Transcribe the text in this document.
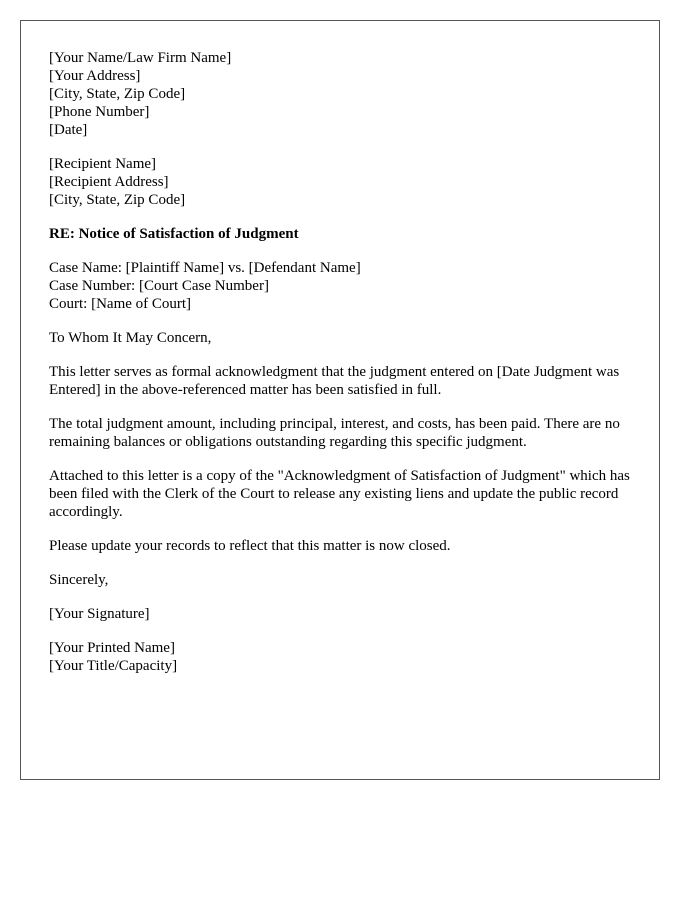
[Your Name/Law Firm Name]
[Your Address]
[City, State, Zip Code]
[Phone Number]
[Date]
[Recipient Name]
[Recipient Address]
[City, State, Zip Code]

RE: Notice of Satisfaction of Judgment

Case Name: [Plaintiff Name] vs. [Defendant Name]
Case Number: [Court Case Number]
Court: [Name of Court]

To Whom It May Concern,

This letter serves as formal acknowledgment that the judgment entered on [Date Judgment was Entered] in the above-referenced matter has been satisfied in full.

The total judgment amount, including principal, interest, and costs, has been paid. There are no remaining balances or obligations outstanding regarding this specific judgment.

Attached to this letter is a copy of the "Acknowledgment of Satisfaction of Judgment" which has been filed with the Clerk of the Court to release any existing liens and update the public record accordingly.

Please update your records to reflect that this matter is now closed.

Sincerely,

[Your Signature]

[Your Printed Name]
[Your Title/Capacity]
